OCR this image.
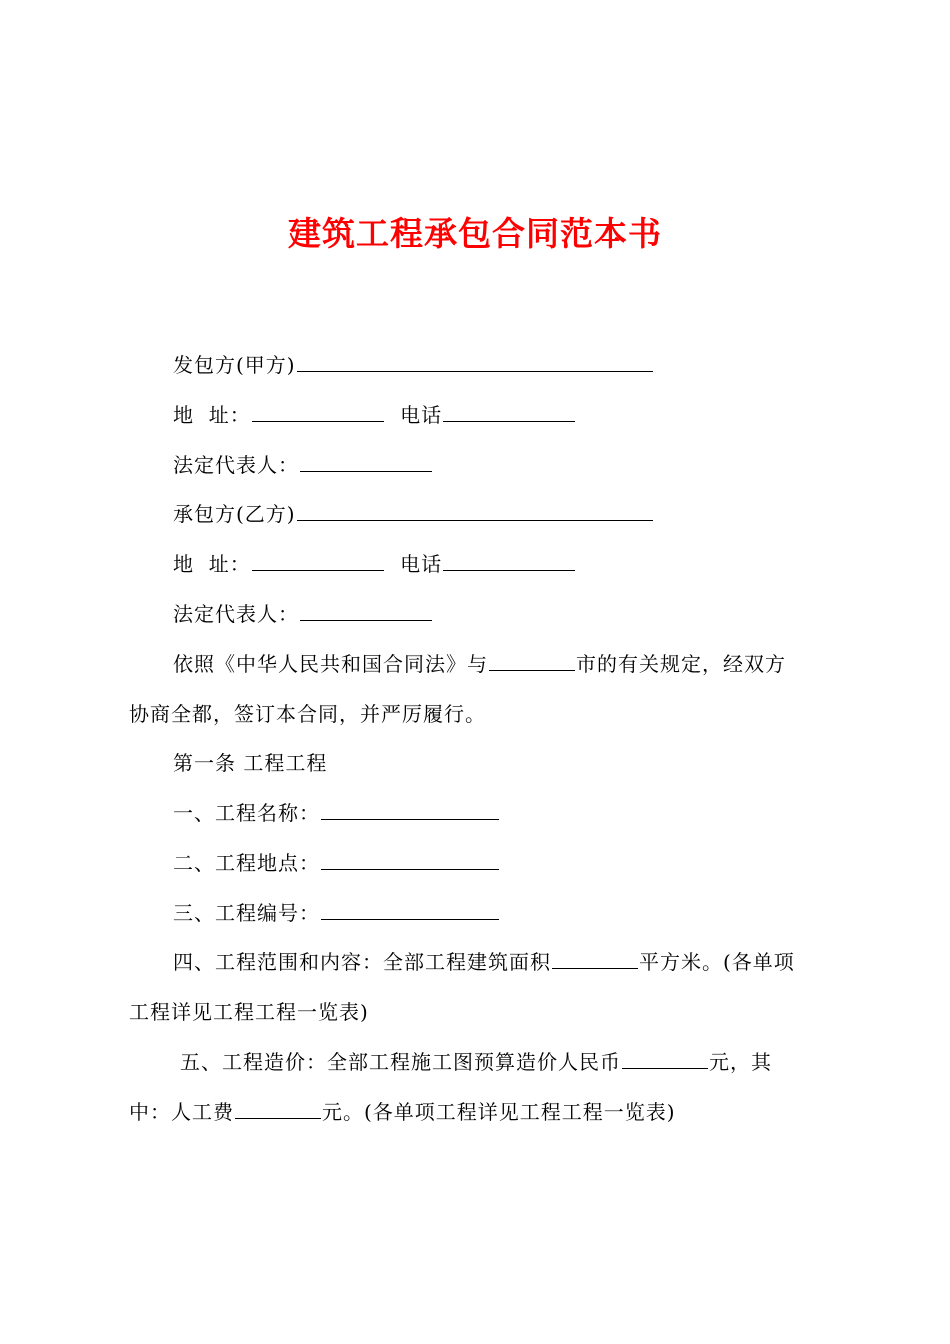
建筑工程承包合同范本书
发包方(甲方)
地  址：	电话
法定代表人：
承包方(乙方)
地  址：	电话
法定代表人：
依照《中华人民共和国合同法》与	市的有关规定，经双方
协商全都，签订本合同，并严厉履行。
第一条 工程工程
一、工程名称：
二、工程地点：
三、工程编号：
四、工程范围和内容：全部工程建筑面积	平方米。(各单项
工程详见工程工程一览表)
五、工程造价：全部工程施工图预算造价人民币	元，其
中：人工费	元。(各单项工程详见工程工程一览表)
